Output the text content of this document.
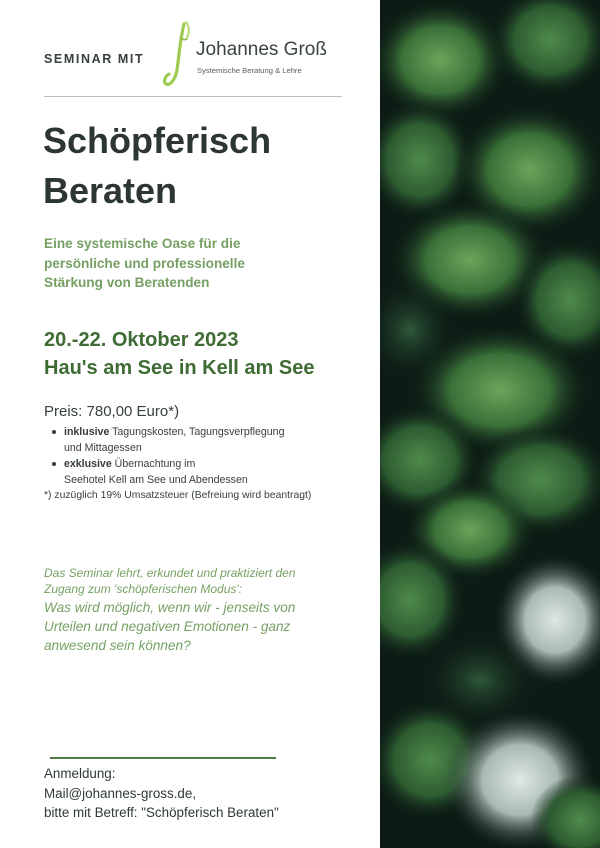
SEMINAR MIT	Johannes Groß
Systemische Beratung & Lehre
Schöpferisch
Beraten
Eine systemische Oase für die
persönliche und professionelle
Stärkung von Beratenden
20.-22. Oktober 2023
Hau's am See in Kell am See
Preis: 780,00 Euro*)
inklusive Tagungskosten, Tagungsverpflegung
und Mittagessen
exklusive Übernachtung im
Seehotel Kell am See und Abendessen
*) zuzüglich 19% Umsatzsteuer (Befreiung wird beantragt)
Das Seminar lehrt, erkundet und praktiziert den
Zugang zum 'schöpferischen Modus':
Was wird möglich, wenn wir - jenseits von
Urteilen und negativen Emotionen - ganz
anwesend sein können?
Anmeldung:
Mail@johannes-gross.de,
bitte mit Betreff: "Schöpferisch Beraten"
